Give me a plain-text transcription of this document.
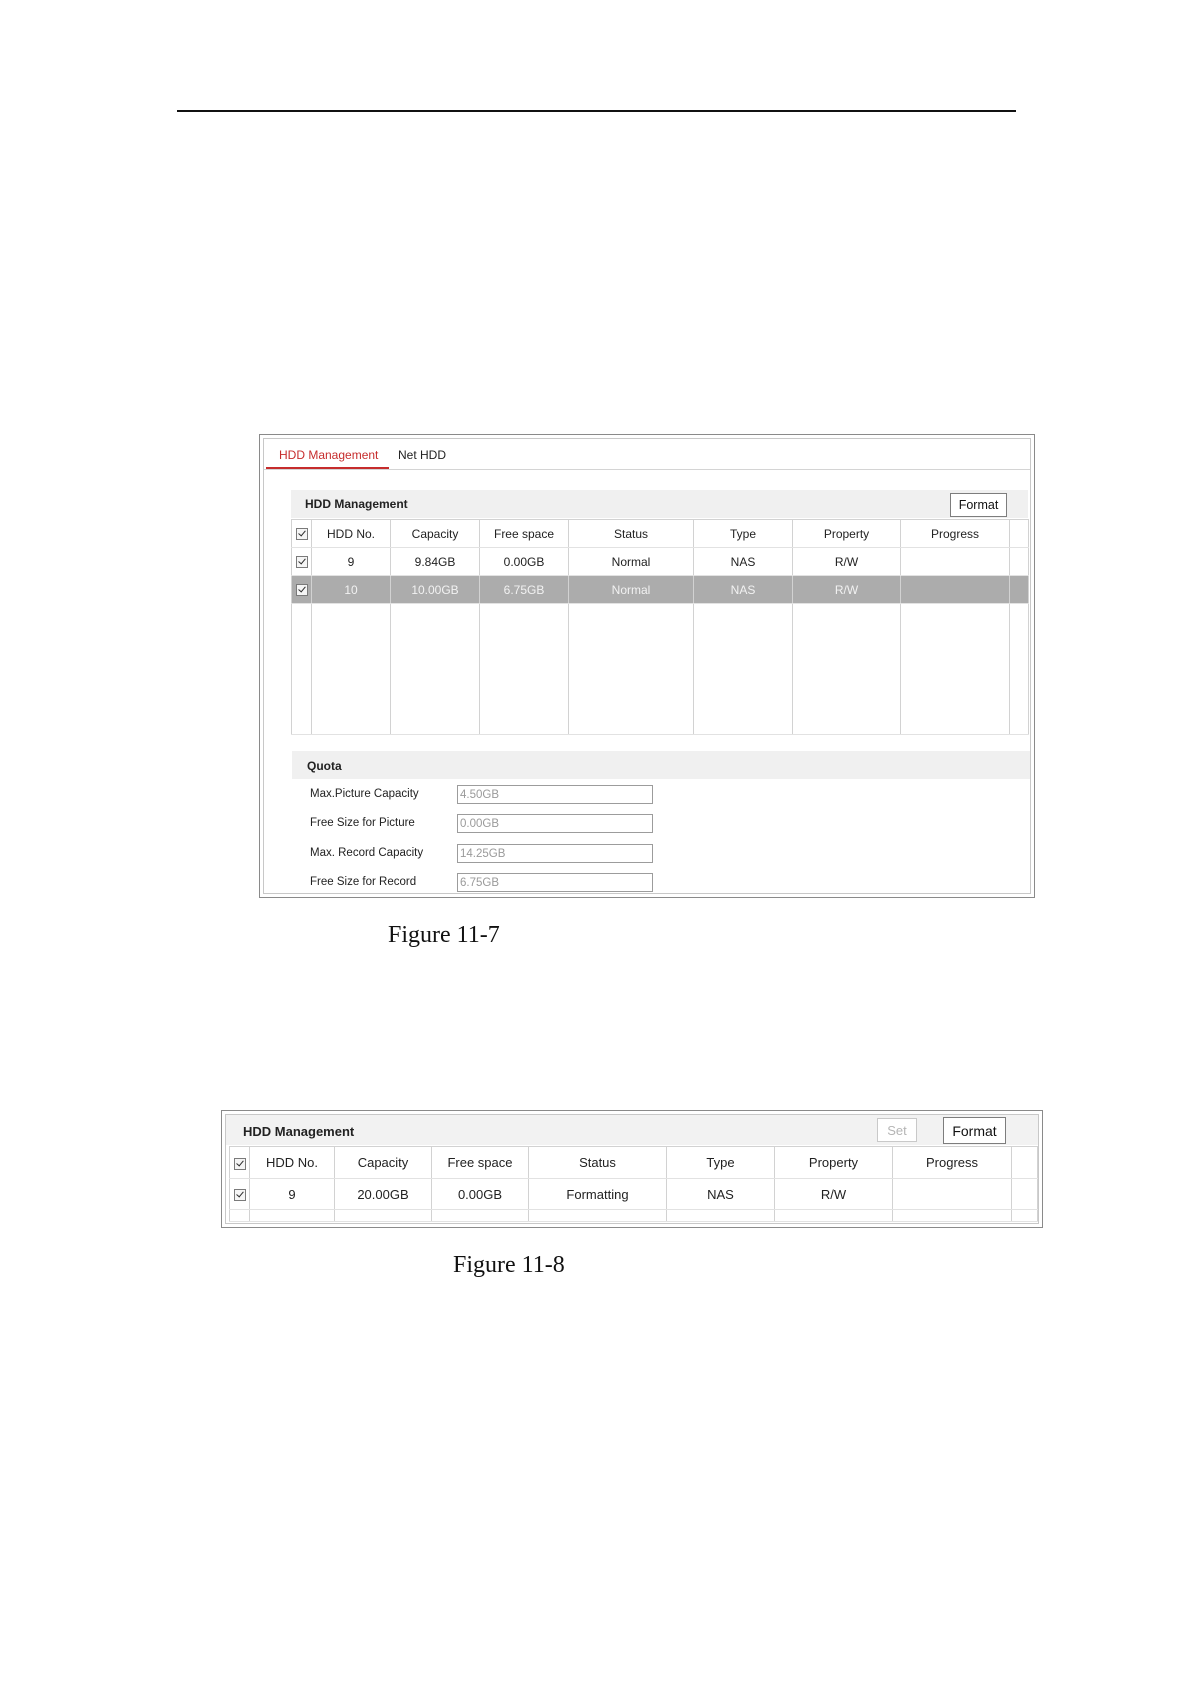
HDD Management Net HDD
HDD Management	Format
	HDD No.	Capacity	Free space	Status	Type	Property	Progress	
	9	9.84GB	0.00GB	Normal	NAS	R/W		
	10	10.00GB	6.75GB	Normal	NAS	R/W		

Quota
Max.Picture Capacity
4.50GB
Free Size for Picture
0.00GB
Max. Record Capacity
14.25GB
Free Size for Record
6.75GB
Figure 11-7
HDD Management	Set	Format
	HDD No.	Capacity	Free space	Status	Type	Property	Progress	
	9	20.00GB	0.00GB	Formatting	NAS	R/W		

Figure 11-8
